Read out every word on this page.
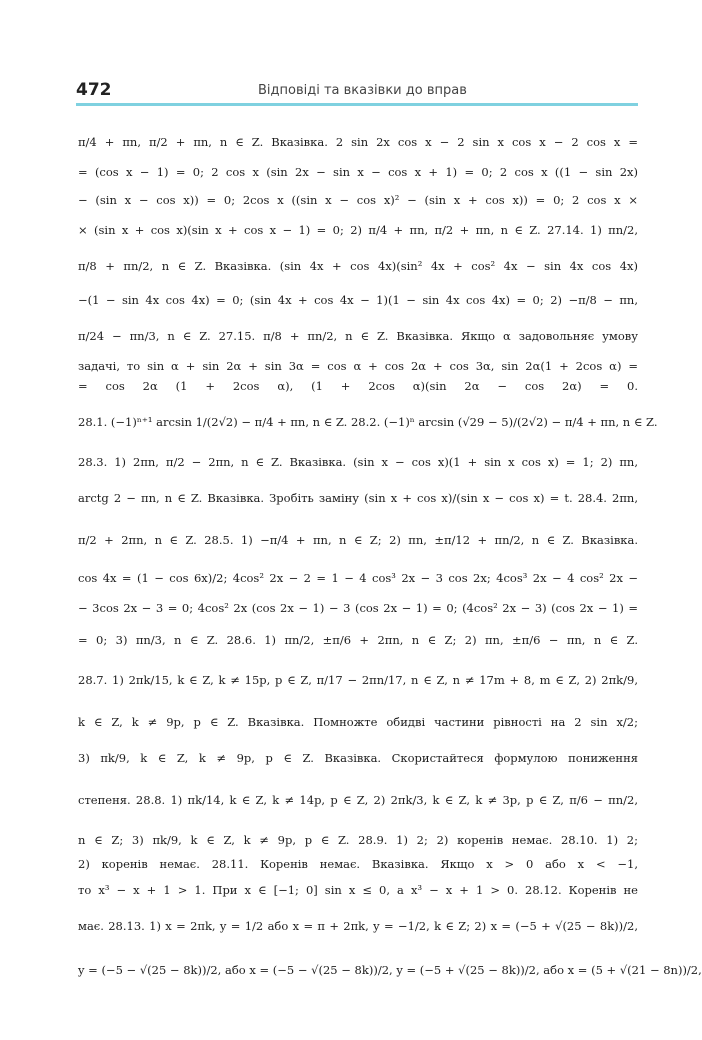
472	Відповіді та вказівки до вправ
π/4 + πn, π/2 + πn, n ∈ Z. Вказівка. 2 sin 2x cos x − 2 sin x cos x − 2 cos x =
= (cos x − 1) = 0; 2 cos x (sin 2x − sin x − cos x + 1) = 0; 2 cos x ((1 − sin 2x)
− (sin x − cos x)) = 0; 2cos x ((sin x − cos x)² − (sin x + cos x)) = 0; 2 cos x ×
× (sin x + cos x)(sin x + cos x − 1) = 0; 2) π/4 + πn, π/2 + πn, n ∈ Z. 27.14. 1) πn/2,
π/8 + πn/2, n ∈ Z. Вказівка. (sin 4x + cos 4x)(sin² 4x + cos² 4x − sin 4x cos 4x)
−(1 − sin 4x cos 4x) = 0; (sin 4x + cos 4x − 1)(1 − sin 4x cos 4x) = 0; 2) −π/8 − πn,
π/24 − πn/3, n ∈ Z. 27.15. π/8 + πn/2, n ∈ Z. Вказівка. Якщо α задовольняє умову
задачі, то sin α + sin 2α + sin 3α = cos α + cos 2α + cos 3α, sin 2α(1 + 2cos α) =
= cos 2α (1 + 2cos α), (1 + 2cos α)(sin 2α − cos 2α) = 0.
28.1. (−1)ⁿ⁺¹ arcsin 1/(2√2) − π/4 + πn, n ∈ Z. 28.2. (−1)ⁿ arcsin (√29 − 5)/(2√2) − π/4 + πn, n ∈ Z.
28.3. 1) 2πn, π/2 − 2πn, n ∈ Z. Вказівка. (sin x − cos x)(1 + sin x cos x) = 1; 2) πn,
arctg 2 − πn, n ∈ Z. Вказівка. Зробіть заміну (sin x + cos x)/(sin x − cos x) = t. 28.4. 2πn,
π/2 + 2πn, n ∈ Z. 28.5. 1) −π/4 + πn, n ∈ Z; 2) πn, ±π/12 + πn/2, n ∈ Z. Вказівка.
cos 4x = (1 − cos 6x)/2; 4cos² 2x − 2 = 1 − 4 cos³ 2x − 3 cos 2x; 4cos³ 2x − 4 cos² 2x −
− 3cos 2x − 3 = 0; 4cos² 2x (cos 2x − 1) − 3 (cos 2x − 1) = 0; (4cos² 2x − 3) (cos 2x − 1) =
= 0; 3) πn/3, n ∈ Z. 28.6. 1) πn/2, ±π/6 + 2πn, n ∈ Z; 2) πn, ±π/6 − πn, n ∈ Z.
28.7. 1) 2πk/15, k ∈ Z, k ≠ 15p, p ∈ Z, π/17 − 2πn/17, n ∈ Z, n ≠ 17m + 8, m ∈ Z, 2) 2πk/9,
k ∈ Z, k ≠ 9p, p ∈ Z. Вказівка. Помножте обидві частини рівності на 2 sin x/2;
3) πk/9, k ∈ Z, k ≠ 9p, p ∈ Z. Вказівка. Скористайтеся формулою пониження
степеня. 28.8. 1) πk/14, k ∈ Z, k ≠ 14p, p ∈ Z, 2) 2πk/3, k ∈ Z, k ≠ 3p, p ∈ Z, π/6 − πn/2,
n ∈ Z; 3) πk/9, k ∈ Z, k ≠ 9p, p ∈ Z. 28.9. 1) 2; 2) коренів немає. 28.10. 1) 2;
2) коренів немає. 28.11. Коренів немає. Вказівка. Якщо x > 0 або x < −1,
то x³ − x + 1 > 1. При x ∈ [−1; 0] sin x ≤ 0, а x³ − x + 1 > 0. 28.12. Коренів не
має. 28.13. 1) x = 2πk, y = 1/2 або x = π + 2πk, y = −1/2, k ∈ Z; 2) x = (−5 + √(25 − 8k))/2,
y = (−5 − √(25 − 8k))/2, або x = (−5 − √(25 − 8k))/2, y = (−5 + √(25 − 8k))/2, або x = (5 + √(21 − 8n))/2,
